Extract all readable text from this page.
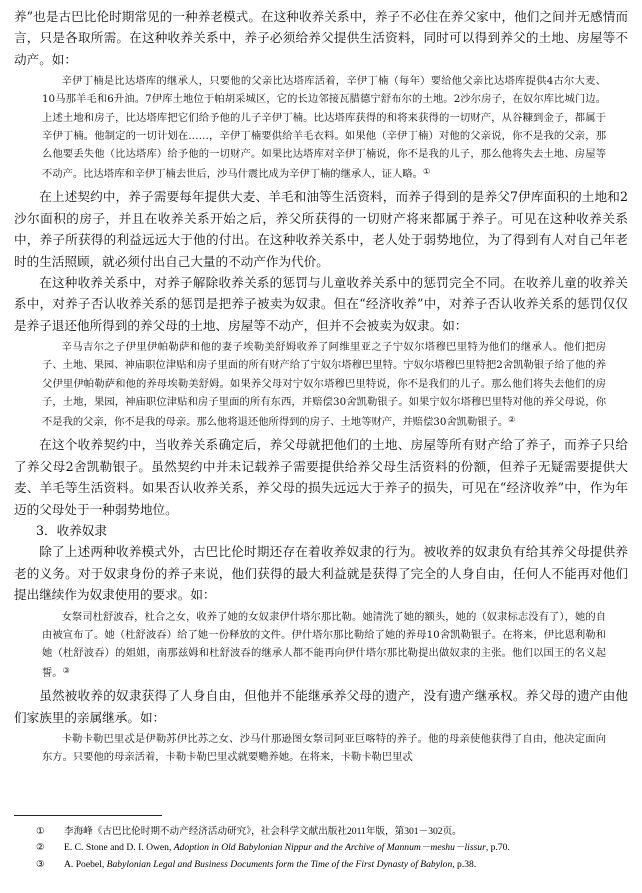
养”也是古巴比伦时期常见的一种养老模式。在这种收养关系中，养子不必住在养父家中，他们之间并无感情而言，只是各取所需。在这种收养关系中，养子必须给养父提供生活资料，同时可以得到养父的土地、房屋等不动产。如：

辛伊丁楠是比达塔库的继承人，只要他的父亲比达塔库活着，辛伊丁楠（每年）要给他父亲比达塔库提供4古尔大麦、10马那羊毛和6升油。7伊库土地位于帕胡采城区，它的长边邻接瓦腊德宁舒布尔的土地。2沙尔房子，在奴尔库比城门边。上述土地和房子，比达塔库把它们给予他的儿子辛伊丁楠。比达塔库获得的和将来获得的一切财产，从谷糠到金子，都属于辛伊丁楠。他制定的一切计划在……，辛伊丁楠要供给羊毛衣料。如果他（辛伊丁楠）对他的父亲说，你不是我的父亲，那么他要丢失他（比达塔库）给予他的一切财产。如果比达塔库对辛伊丁楠说，你不是我的儿子，那么他将失去土地、房屋等不动产。比达塔库和辛伊丁楠去世后，沙马什震比成为辛伊丁楠的继承人，证人略。①

在上述契约中，养子需要每年提供大麦、羊毛和油等生活资料，而养子得到的是养父7伊库面积的土地和2沙尔面积的房子，并且在收养关系开始之后，养父所获得的一切财产将来都属于养子。可见在这种收养关系中，养子所获得的利益远远大于他的付出。在这种收养关系中，老人处于弱势地位，为了得到有人对自己年老时的生活照顾，就必须付出自己大量的不动产作为代价。

在这种收养关系中，对养子解除收养关系的惩罚与儿童收养关系中的惩罚完全不同。在收养儿童的收养关系中，对养子否认收养关系的惩罚是把养子被卖为奴隶。但在“经济收养”中，对养子否认收养关系的惩罚仅仅是养子退还他所得到的养父母的土地、房屋等不动产，但并不会被卖为奴隶。如：

辛马吉尔之子伊里伊帕勒萨和他的妻子埃勒美舒姆收养了阿维里亚之子宁奴尔塔穆巴里特为他们的继承人。他们把房子、土地、果园、神庙职位津贴和房子里面的所有财产给了宁奴尔塔穆巴里特。宁奴尔塔穆巴里特把2舍凯勒银子给了他的养父伊里伊帕勒萨和他的养母埃勒美舒姆。如果养父母对宁奴尔塔穆巴里特说，你不是我们的儿子。那么他们将失去他们的房子，土地，果园，神庙职位津贴和房子里面的所有东西，并赔偿30舍凯勒银子。如果宁奴尔塔穆巴里特对他的养父母说，你不是我的父亲，你不是我的母亲。那么他将退还他所得到的房子、土地等财产，并赔偿30舍凯勒银子。②

在这个收养契约中，当收养关系确定后，养父母就把他们的土地、房屋等所有财产给了养子，而养子只给了养父母2舍凯勒银子。虽然契约中并未记载养子需要提供给养父母生活资料的份额，但养子无疑需要提供大麦、羊毛等生活资料。如果否认收养关系，养父母的损失远远大于养子的损失，可见在“经济收养”中，作为年迈的父母处于一种弱势地位。

3．收养奴隶

除了上述两种收养模式外，古巴比伦时期还存在着收养奴隶的行为。被收养的奴隶负有给其养父母提供养老的义务。对于奴隶身份的养子来说，他们获得的最大利益就是获得了完全的人身自由，任何人不能再对他们提出继续作为奴隶使用的要求。如：

女祭司杜舒波吞，杜合之女，收养了她的女奴隶伊什塔尔那比勒。她清洗了她的额头，她的（奴隶标志没有了），她的自由被宣布了。她（杜舒波吞）给了她一份释放的文件。伊什塔尔那比勒给了她的养母10舍凯勒银子。在将来，伊比恩利勒和她（杜舒波吞）的姐姐，南那兹姆和杜舒波吞的继承人都不能再向伊什塔尔那比勒提出做奴隶的主张。他们以国王的名义起誓。③

虽然被收养的奴隶获得了人身自由，但他并不能继承养父母的遗产，没有遗产继承权。养父母的遗产由他们家族里的亲属继承。如：

卡勒卡勒巴里忒是伊勒苏伊比苏之女、沙马什那逊图女祭司阿亚巨喀特的养子。他的母亲使他获得了自由，他决定面向东方。只要他的母亲活着，卡勒卡勒巴里忒就要赡养她。在将来，卡勒卡勒巴里忒

①	李海峰《古巴比伦时期不动产经济活动研究》，社会科学文献出版社2011年版，第301－302页。
②	E. C. Stone and D. I. Owen, Adoption in Old Babylonian Nippur and the Archive of Mannum－meshu－lissur, p.70.
③	A. Poebel, Babylonian Legal and Business Documents form the Time of the First Dynasty of Babylon, p.38.
